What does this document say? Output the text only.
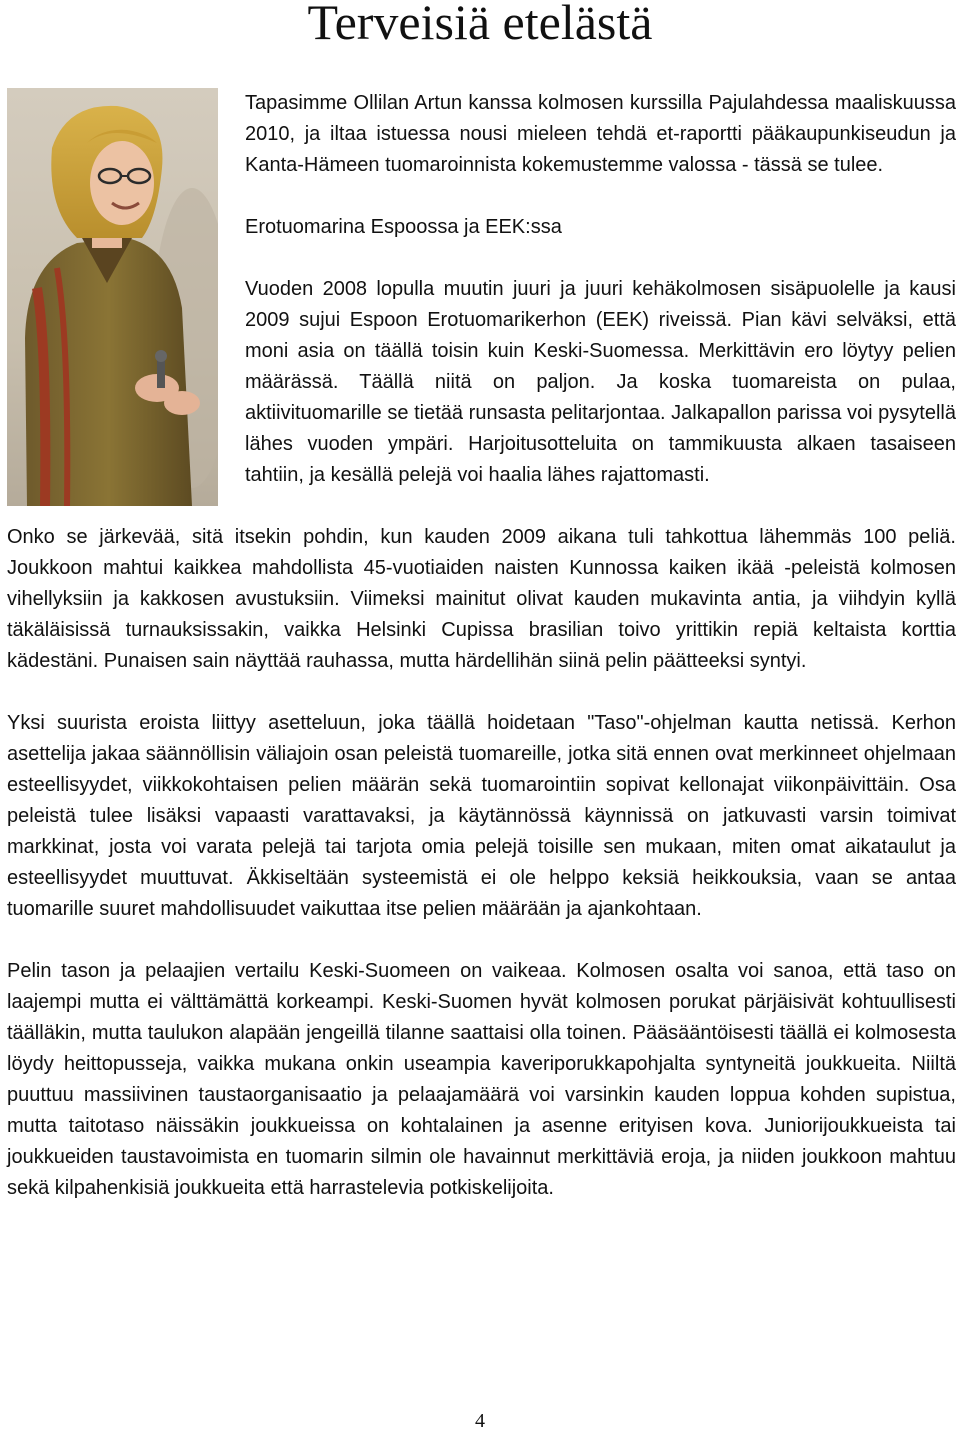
Terveisiä etelästä

Tapasimme Ollilan Artun kanssa kolmosen kurssilla Pajulahdessa maaliskuussa 2010, ja iltaa istuessa nousi mieleen tehdä et-raportti pääkaupunkiseudun ja Kanta-Hämeen tuomaroinnista kokemustemme valossa - tässä se tulee.

Erotuomarina Espoossa ja EEK:ssa

Vuoden 2008 lopulla muutin juuri ja juuri kehäkolmosen sisäpuolelle ja kausi 2009 sujui Espoon Erotuomarikerhon (EEK) riveissä. Pian kävi selväksi, että moni asia on täällä toisin kuin Keski-Suomessa. Merkittävin ero löytyy pelien määrässä. Täällä niitä on paljon. Ja koska tuomareista on pulaa, aktiivituomarille se tietää runsasta pelitarjontaa. Jalkapallon parissa voi pysytellä lähes vuoden ympäri. Harjoitusotteluita on tammikuusta alkaen tasaiseen tahtiin, ja kesällä pelejä voi haalia lähes rajattomasti.

Onko se järkevää, sitä itsekin pohdin, kun kauden 2009 aikana tuli tahkottua lähemmäs 100 peliä. Joukkoon mahtui kaikkea mahdollista 45-vuotiaiden naisten Kunnossa kaiken ikää -peleistä kolmosen vihellyksiin ja kakkosen avustuksiin. Viimeksi mainitut olivat kauden mukavinta antia, ja viihdyin kyllä täkäläisissä turnauksissakin, vaikka Helsinki Cupissa brasilian toivo yrittikin repiä keltaista korttia kädestäni. Punaisen sain näyttää rauhassa, mutta härdellihän siinä pelin päätteeksi syntyi.

Yksi suurista eroista liittyy asetteluun, joka täällä hoidetaan "Taso"-ohjelman kautta netissä. Kerhon asettelija jakaa säännöllisin väliajoin osan peleistä tuomareille, jotka sitä ennen ovat merkinneet ohjelmaan esteellisyydet, viikkokohtaisen pelien määrän sekä tuomarointiin sopivat kellonajat viikonpäivittäin. Osa peleistä tulee lisäksi vapaasti varattavaksi, ja käytännössä käynnissä on jatkuvasti varsin toimivat markkinat, josta voi varata pelejä tai tarjota omia pelejä toisille sen mukaan, miten omat aikataulut ja esteellisyydet muuttuvat. Äkkiseltään systeemistä ei ole helppo keksiä heikkouksia, vaan se antaa tuomarille suuret mahdollisuudet vaikuttaa itse pelien määrään ja ajankohtaan.

Pelin tason ja pelaajien vertailu Keski-Suomeen on vaikeaa. Kolmosen osalta voi sanoa, että taso on laajempi mutta ei välttämättä korkeampi. Keski-Suomen hyvät kolmosen porukat pärjäisivät kohtuullisesti täälläkin, mutta taulukon alapään jengeillä tilanne saattaisi olla toinen. Pääsääntöisesti täällä ei kolmosesta löydy heittopusseja, vaikka mukana onkin useampia kaveriporukkapohjalta syntyneitä joukkueita. Niiltä puuttuu massiivinen taustaorganisaatio ja pelaajamäärä voi varsinkin kauden loppua kohden supistua, mutta taitotaso näissäkin joukkueissa on kohtalainen ja asenne erityisen kova. Juniorijoukkueista tai joukkueiden taustavoimista en tuomarin silmin ole havainnut merkittäviä eroja, ja niiden joukkoon mahtuu sekä kilpahenkisiä joukkueita että harrastelevia potkiskelijoita.

4
